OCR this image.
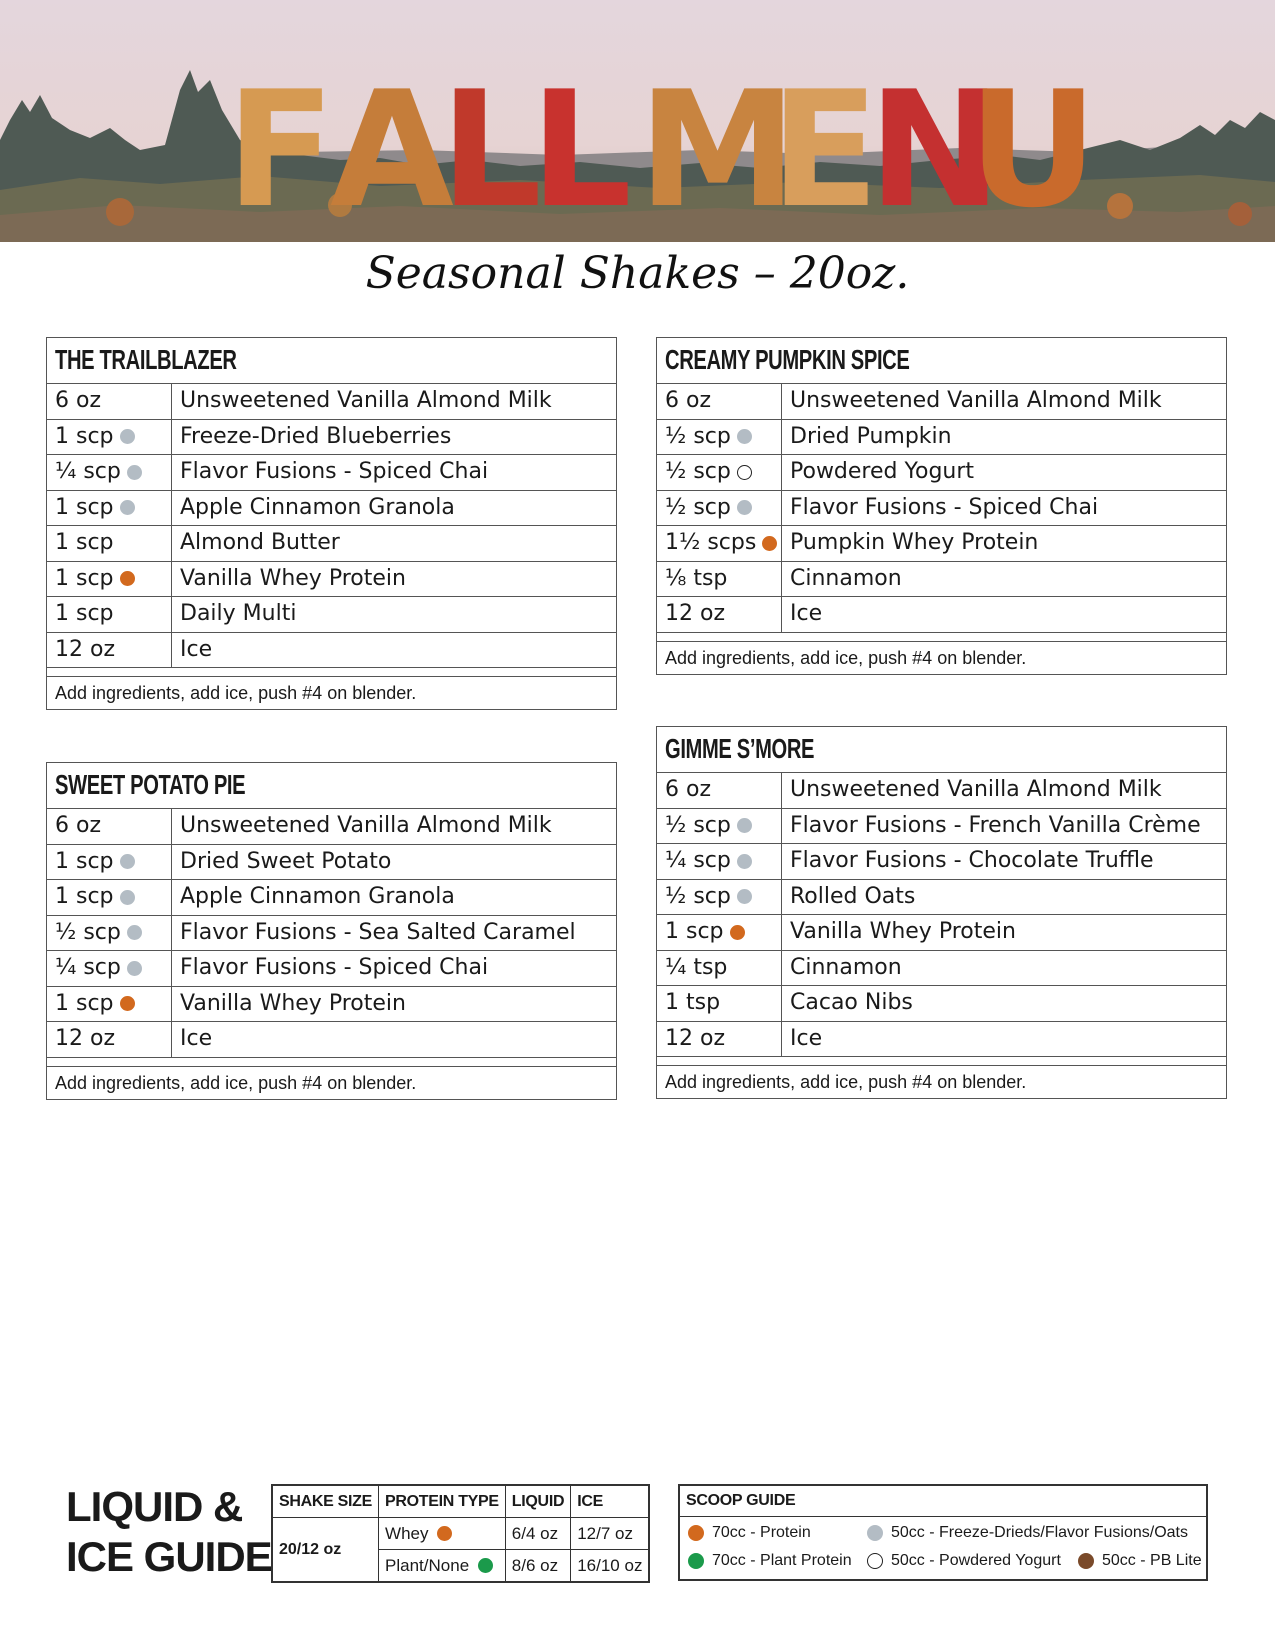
F
A
L
L M
E
N
U
Seasonal Shakes – 20oz.
THE TRAILBLAZER
6 oz	Unsweetened Vanilla Almond Milk
1 scp	Freeze-Dried Blueberries
¼ scp	Flavor Fusions - Spiced Chai
1 scp	Apple Cinnamon Granola
1 scp	Almond Butter
1 scp	Vanilla Whey Protein
1 scp	Daily Multi
12 oz	Ice
Add ingredients, add ice, push #4 on blender.
CREAMY PUMPKIN SPICE
6 oz	Unsweetened Vanilla Almond Milk
½ scp	Dried Pumpkin
½ scp	Powdered Yogurt
½ scp	Flavor Fusions - Spiced Chai
1½ scps	Pumpkin Whey Protein
⅛ tsp	Cinnamon
12 oz	Ice
Add ingredients, add ice, push #4 on blender.
SWEET POTATO PIE
6 oz	Unsweetened Vanilla Almond Milk
1 scp	Dried Sweet Potato
1 scp	Apple Cinnamon Granola
½ scp	Flavor Fusions - Sea Salted Caramel
¼ scp	Flavor Fusions - Spiced Chai
1 scp	Vanilla Whey Protein
12 oz	Ice
Add ingredients, add ice, push #4 on blender.
GIMME S’MORE
6 oz	Unsweetened Vanilla Almond Milk
½ scp	Flavor Fusions - French Vanilla Crème
¼ scp	Flavor Fusions - Chocolate Truffle
½ scp	Rolled Oats
1 scp	Vanilla Whey Protein
¼ tsp	Cinnamon
1 tsp	Cacao Nibs
12 oz	Ice
Add ingredients, add ice, push #4 on blender.
LIQUID &
ICE GUIDE
SHAKE SIZE	PROTEIN TYPE	LIQUID	ICE
20/12 oz	Whey	6/4 oz	12/7 oz
	Plant/None	8/6 oz	16/10 oz
SCOOP GUIDE
70cc - Protein	50cc - Freeze-Drieds/Flavor Fusions/Oats
70cc - Plant Protein 50cc - Powdered Yogurt	50cc - PB Lite
